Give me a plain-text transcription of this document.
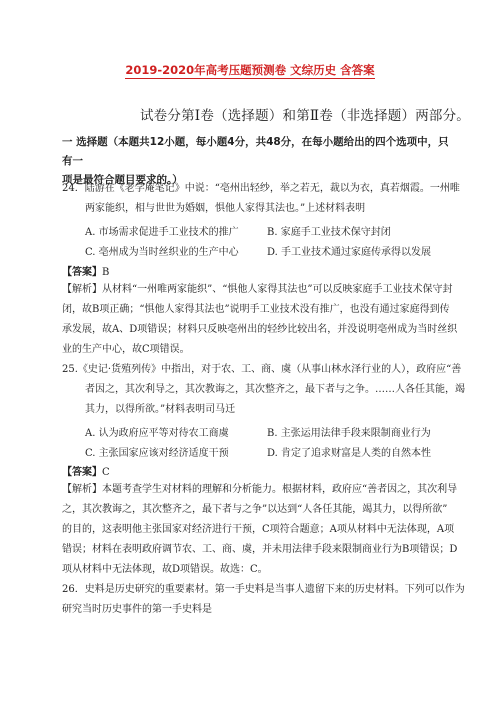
2019-2020年高考压题预测卷 文综历史 含答案
试卷分第Ⅰ卷（选择题）和第Ⅱ卷（非选择题）两部分。
一 选择题（本题共12小题，每小题4分，共48分，在每小题给出的四个选项中，只有一
项是最符合题目要求的。）
24．陆游在《老学庵笔记》中说：“亳州出轻纱，举之若无，裁以为衣，真若烟霞。一州唯
两家能织，相与世世为婚姻，惧他人家得其法也。”上述材料表明
A. 市场需求促进手工业技术的推广	B. 家庭手工业技术保守封闭
C. 亳州成为当时丝织业的生产中心	D. 手工业技术通过家庭传承得以发展
【答案】B
【解析】从材料“一州唯两家能织”、“惧他人家得其法也”可以反映家庭手工业技术保守封
闭，故B项正确；“惧他人家得其法也”说明手工业技术没有推广，也没有通过家庭得到传
承发展，故A、D项错误；材料只反映亳州出的轻纱比较出名，并没说明亳州成为当时丝织
业的生产中心，故C项错误。
25.《史记·货殖列传》中指出，对于农、工、商、虞（从事山林水泽行业的人），政府应“善
者因之，其次利导之，其次教诲之，其次整齐之，最下者与之争。……人各任其能，竭
其力，以得所欲。”材料表明司马迁
A. 认为政府应平等对待农工商虞	B. 主张运用法律手段来限制商业行为
C. 主张国家应该对经济适度干预	D. 肯定了追求财富是人类的自然本性
【答案】C
【解析】本题考查学生对材料的理解和分析能力。根据材料，政府应“善者因之，其次利导
之，其次教诲之，其次整齐之，最下者与之争”以达到“人各任其能，竭其力，以得所欲”
的目的，这表明他主张国家对经济进行干预，C项符合题意；A项从材料中无法体现，A项
错误；材料在表明政府调节农、工、商、虞，并未用法律手段来限制商业行为B项错误；D
项从材料中无法体现，故D项错误。故选：C。
26．史料是历史研究的重要素材。第一手史料是当事人遗留下来的历史材料。下列可以作为
研究当时历史事件的第一手史料是
